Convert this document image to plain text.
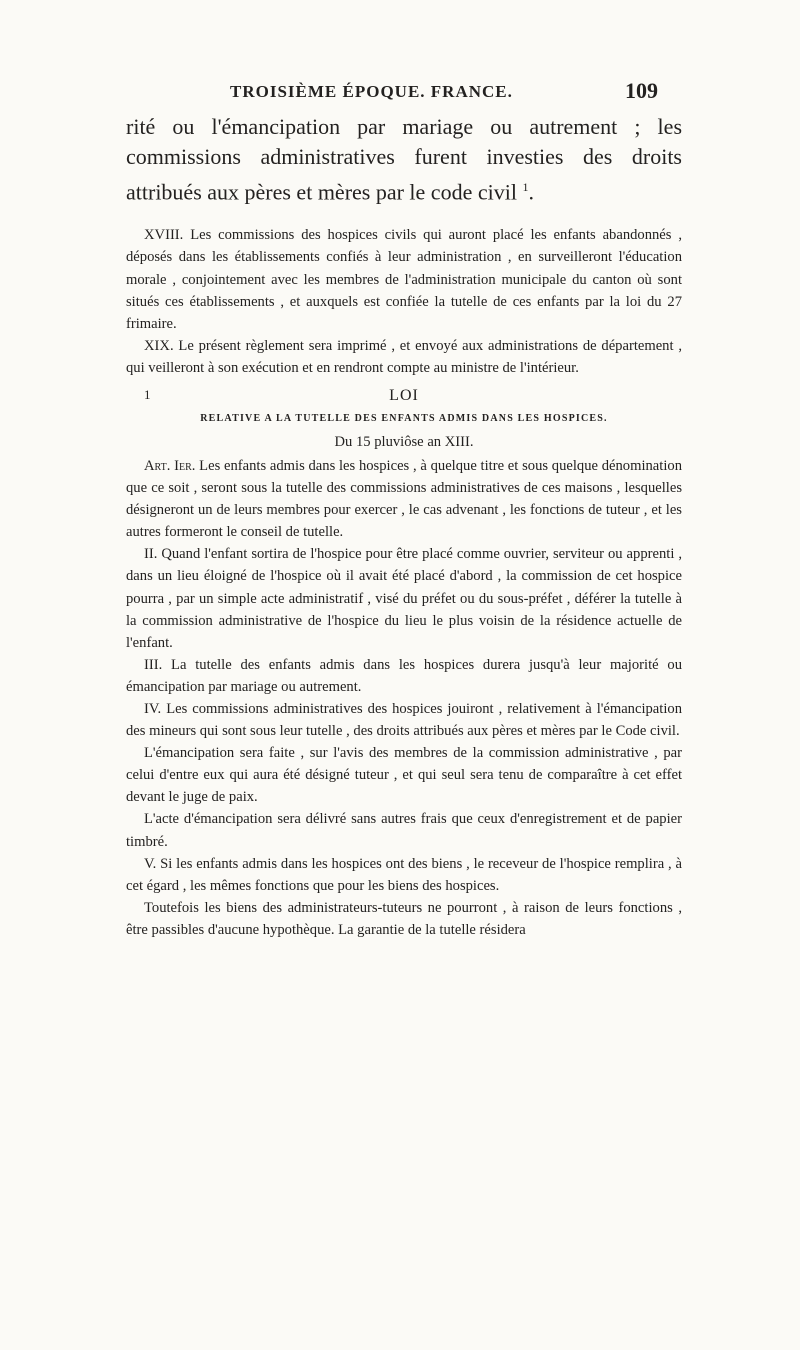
TROISIÈME ÉPOQUE. FRANCE.	109

rité ou l'émancipation par mariage ou autrement ; les commissions administratives furent investies des droits attribués aux pères et mères par le code civil $^1$.

XVIII. Les commissions des hospices civils qui auront placé les enfants abandonnés , déposés dans les établissements confiés à leur administration , en surveilleront l'éducation morale , conjointement avec les membres de l'administration municipale du canton où sont situés ces établissements , et auxquels est confiée la tutelle de ces enfants par la loi du 27 frimaire.

XIX. Le présent règlement sera imprimé , et envoyé aux administrations de département , qui veilleront à son exécution et en rendront compte au ministre de l'intérieur.

1	LOI
RELATIVE A LA TUTELLE DES ENFANTS ADMIS DANS LES HOSPICES.
Du 15 pluviôse an XIII.

Art. Ier. Les enfants admis dans les hospices , à quelque titre et sous quelque dénomination que ce soit , seront sous la tutelle des commissions administratives de ces maisons , lesquelles désigneront un de leurs membres pour exercer , le cas advenant , les fonctions de tuteur , et les autres formeront le conseil de tutelle.

II. Quand l'enfant sortira de l'hospice pour être placé comme ouvrier, serviteur ou apprenti , dans un lieu éloigné de l'hospice où il avait été placé d'abord , la commission de cet hospice pourra , par un simple acte administratif , visé du préfet ou du sous-préfet , déférer la tutelle à la commission administrative de l'hospice du lieu le plus voisin de la résidence actuelle de l'enfant.

III. La tutelle des enfants admis dans les hospices durera jusqu'à leur majorité ou émancipation par mariage ou autrement.

IV. Les commissions administratives des hospices jouiront , relativement à l'émancipation des mineurs qui sont sous leur tutelle , des droits attribués aux pères et mères par le Code civil.

L'émancipation sera faite , sur l'avis des membres de la commission administrative , par celui d'entre eux qui aura été désigné tuteur , et qui seul sera tenu de comparaître à cet effet devant le juge de paix.

L'acte d'émancipation sera délivré sans autres frais que ceux d'enregistrement et de papier timbré.

V. Si les enfants admis dans les hospices ont des biens , le receveur de l'hospice remplira , à cet égard , les mêmes fonctions que pour les biens des hospices.

Toutefois les biens des administrateurs-tuteurs ne pourront , à raison de leurs fonctions , être passibles d'aucune hypothèque. La garantie de la tutelle résidera
